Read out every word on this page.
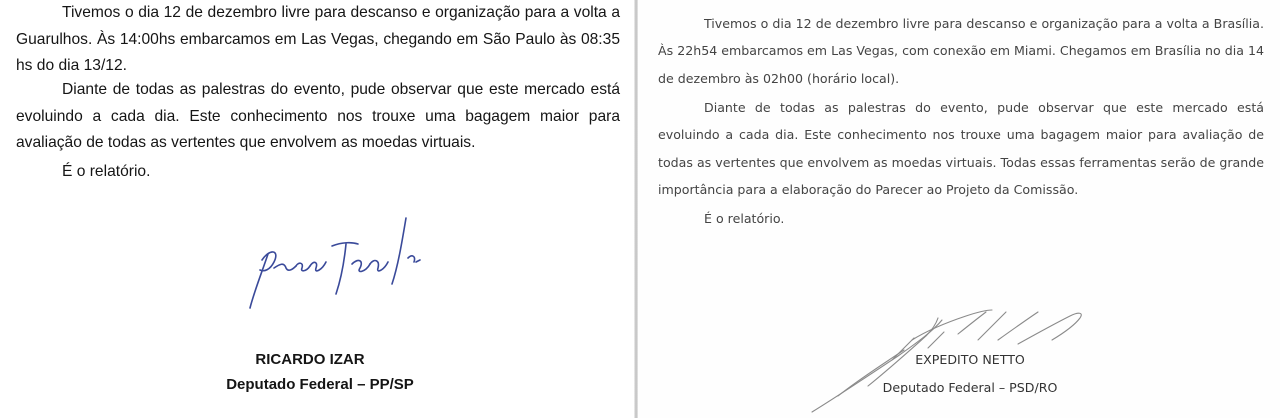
Tivemos o dia 12 de dezembro livre para descanso e organização para a volta a Guarulhos. Às 14:00hs embarcamos em Las Vegas, chegando em São Paulo às 08:35 hs do dia 13/12.

Diante de todas as palestras do evento, pude observar que este mercado está evoluindo a cada dia. Este conhecimento nos trouxe uma bagagem maior para avaliação de todas as vertentes que envolvem as moedas virtuais.

É o relatório.

RICARDO IZAR
Deputado Federal – PP/SP

Tivemos o dia 12 de dezembro livre para descanso e organização para a volta a Brasília. Às 22h54 embarcamos em Las Vegas, com conexão em Miami. Chegamos em Brasília no dia 14 de dezembro às 02h00 (horário local).

Diante de todas as palestras do evento, pude observar que este mercado está evoluindo a cada dia. Este conhecimento nos trouxe uma bagagem maior para avaliação de todas as vertentes que envolvem as moedas virtuais. Todas essas ferramentas serão de grande importância para a elaboração do Parecer ao Projeto da Comissão.

É o relatório.

EXPEDITO NETTO
Deputado Federal – PSD/RO
